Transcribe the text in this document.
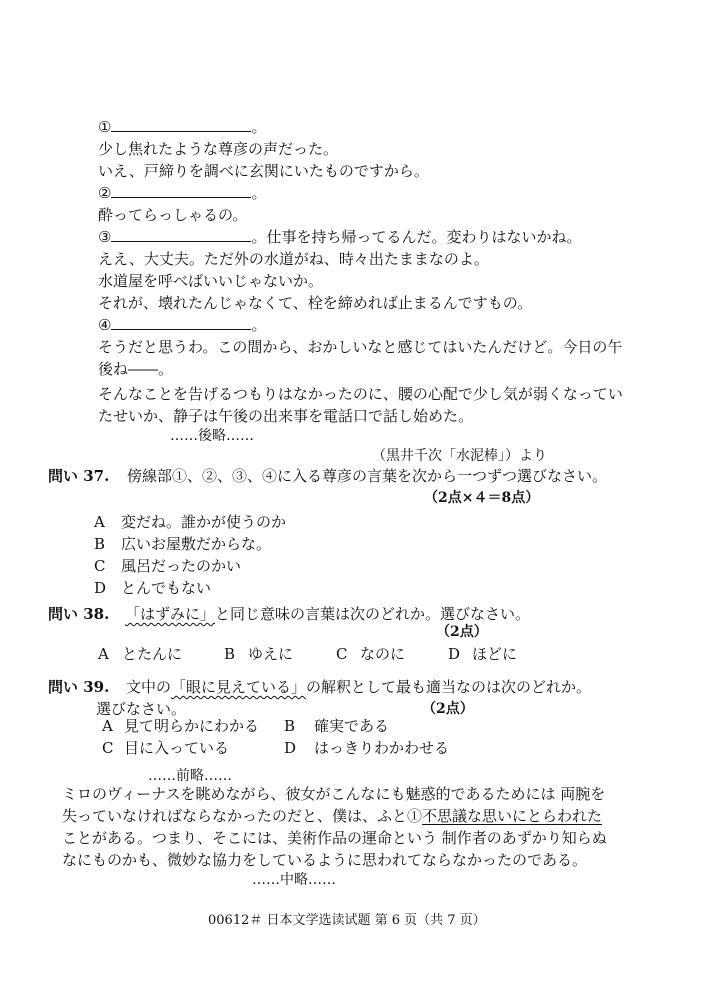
①	。
少し焦れたような尊彦の声だった。
いえ、戸締りを調べに玄関にいたものですから。
②	。
酔ってらっしゃるの。
③	。仕事を持ち帰ってるんだ。変わりはないかね。
ええ、大丈夫。ただ外の水道がね、時々出たままなのよ。
水道屋を呼べばいいじゃないか。
それが、壊れたんじゃなくて、栓を締めれば止まるんですもの。
④	。
そうだと思うわ。この間から、おかしいなと感じてはいたんだけど。今日の午
後ね――。
そんなことを告げるつもりはなかったのに、腰の心配で少し気が弱くなってい
たせいか、静子は午後の出来事を電話口で話し始めた。
……後略……
（黒井千次「水泥棒」）より
問い 37. 傍線部①、②、③、④に入る尊彦の言葉を次から一つずつ選びなさい。
（2点×４＝8点）
A 変だね。誰かが使うのか
B 広いお屋敷だからな。
C 風呂だったのかい
D とんでもない
問い 38. 「はずみに」と同じ意味の言葉は次のどれか。選びなさい。
（2点）
A とたんに	B ゆえに	C なのに	D ほどに
問い 39. 文中の「眼に見えている」の解釈として最も適当なのは次のどれか。
選びなさい。	（2点）
A 見て明らかにわかる B 確実である
C 目に入っている	D はっきりわかわせる
……前略……
ミロのヴィーナスを眺めながら、彼女がこんなにも魅惑的であるためには 両腕を
失っていなければならなかったのだと、僕は、ふと①不思議な思いにとらわれた
ことがある。つまり、そこには、美術作品の運命という 制作者のあずかり知らぬ
なにものかも、微妙な協力をしているように思われてならなかったのである。
……中略……
00612＃ 日本文学选读试题 第 6 页（共 7 页）
